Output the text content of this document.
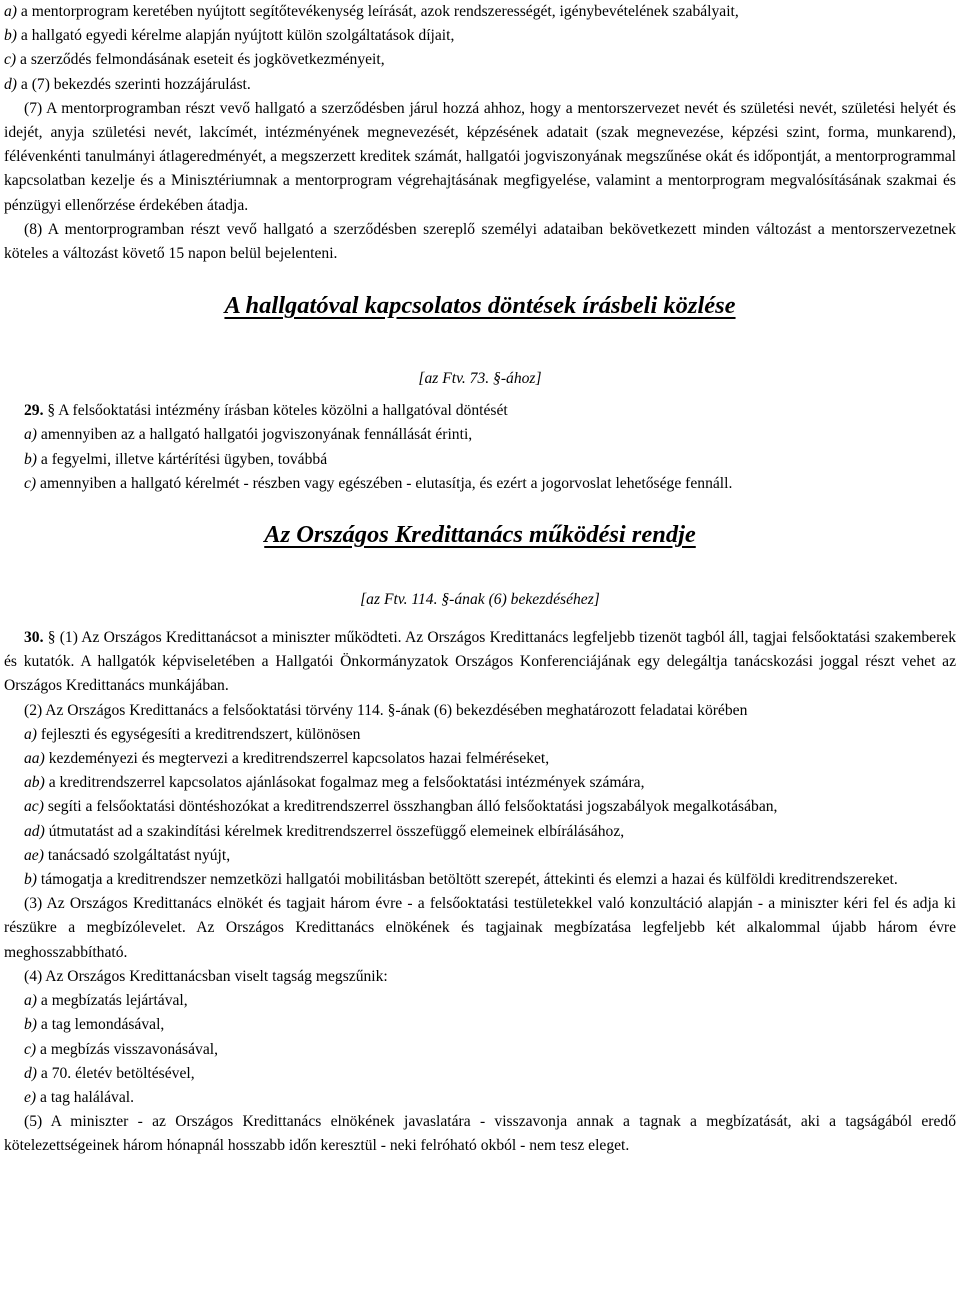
a) a mentorprogram keretében nyújtott segítőtevékenység leírását, azok rendszerességét, igénybevételének szabályait,

b) a hallgató egyedi kérelme alapján nyújtott külön szolgáltatások díjait,

c) a szerződés felmondásának eseteit és jogkövetkezményeit,

d) a (7) bekezdés szerinti hozzájárulást.

(7) A mentorprogramban részt vevő hallgató a szerződésben járul hozzá ahhoz, hogy a mentorszervezet nevét és születési nevét, születési helyét és idejét, anyja születési nevét, lakcímét, intézményének megnevezését, képzésének adatait (szak megnevezése, képzési szint, forma, munkarend), félévenkénti tanulmányi átlageredményét, a megszerzett kreditek számát, hallgatói jogviszonyának megszűnése okát és időpontját, a mentorprogrammal kapcsolatban kezelje és a Minisztériumnak a mentorprogram végrehajtásának megfigyelése, valamint a mentorprogram megvalósításának szakmai és pénzügyi ellenőrzése érdekében átadja.

(8) A mentorprogramban részt vevő hallgató a szerződésben szereplő személyi adataiban bekövetkezett minden változást a mentorszervezetnek köteles a változást követő 15 napon belül bejelenteni.

A hallgatóval kapcsolatos döntések írásbeli közlése

[az Ftv. 73. §-ához]

29. § A felsőoktatási intézmény írásban köteles közölni a hallgatóval döntését

a) amennyiben az a hallgató hallgatói jogviszonyának fennállását érinti,

b) a fegyelmi, illetve kártérítési ügyben, továbbá

c) amennyiben a hallgató kérelmét - részben vagy egészében - elutasítja, és ezért a jogorvoslat lehetősége fennáll.

Az Országos Kredittanács működési rendje

[az Ftv. 114. §-ának (6) bekezdéséhez]

30. § (1) Az Országos Kredittanácsot a miniszter működteti. Az Országos Kredittanács legfeljebb tizenöt tagból áll, tagjai felsőoktatási szakemberek és kutatók. A hallgatók képviseletében a Hallgatói Önkormányzatok Országos Konferenciájának egy delegáltja tanácskozási joggal részt vehet az Országos Kredittanács munkájában.

(2) Az Országos Kredittanács a felsőoktatási törvény 114. §-ának (6) bekezdésében meghatározott feladatai körében

a) fejleszti és egységesíti a kreditrendszert, különösen

aa) kezdeményezi és megtervezi a kreditrendszerrel kapcsolatos hazai felméréseket,

ab) a kreditrendszerrel kapcsolatos ajánlásokat fogalmaz meg a felsőoktatási intézmények számára,

ac) segíti a felsőoktatási döntéshozókat a kreditrendszerrel összhangban álló felsőoktatási jogszabályok megalkotásában,

ad) útmutatást ad a szakindítási kérelmek kreditrendszerrel összefüggő elemeinek elbírálásához,

ae) tanácsadó szolgáltatást nyújt,

b) támogatja a kreditrendszer nemzetközi hallgatói mobilitásban betöltött szerepét, áttekinti és elemzi a hazai és külföldi kreditrendszereket.

(3) Az Országos Kredittanács elnökét és tagjait három évre - a felsőoktatási testületekkel való konzultáció alapján - a miniszter kéri fel és adja ki részükre a megbízólevelet. Az Országos Kredittanács elnökének és tagjainak megbízatása legfeljebb két alkalommal újabb három évre meghosszabbítható.

(4) Az Országos Kredittanácsban viselt tagság megszűnik:

a) a megbízatás lejártával,

b) a tag lemondásával,

c) a megbízás visszavonásával,

d) a 70. életév betöltésével,

e) a tag halálával.

(5) A miniszter - az Országos Kredittanács elnökének javaslatára - visszavonja annak a tagnak a megbízatását, aki a tagságából eredő kötelezettségeinek három hónapnál hosszabb időn keresztül - neki felróható okból - nem tesz eleget.
